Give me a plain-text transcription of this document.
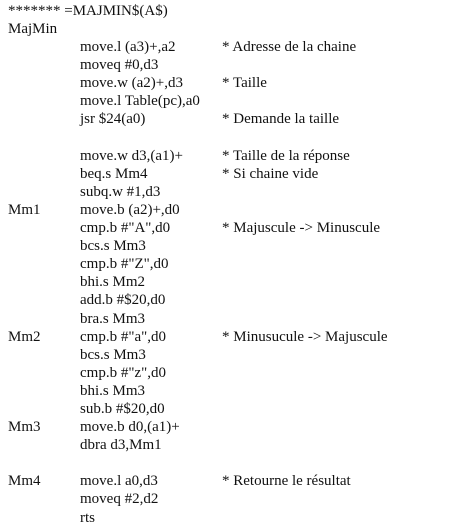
******* =MAJMIN$(A$)
MajMin
move.l (a3)+,a2	* Adresse de la chaine
moveq #0,d3
move.w (a2)+,d3	* Taille
move.l Table(pc),a0
jsr $24(a0)	* Demande la taille
move.w d3,(a1)+	* Taille de la réponse
beq.s Mm4	* Si chaine vide
subq.w #1,d3
Mm1	move.b (a2)+,d0
cmp.b #"A",d0	* Majuscule -> Minuscule
bcs.s Mm3
cmp.b #"Z",d0
bhi.s Mm2
add.b #$20,d0
bra.s Mm3
Mm2	cmp.b #"a",d0	* Minusucule -> Majuscule
bcs.s Mm3
cmp.b #"z",d0
bhi.s Mm3
sub.b #$20,d0
Mm3	move.b d0,(a1)+
dbra d3,Mm1
Mm4	move.l a0,d3	* Retourne le résultat
moveq #2,d2
rts
